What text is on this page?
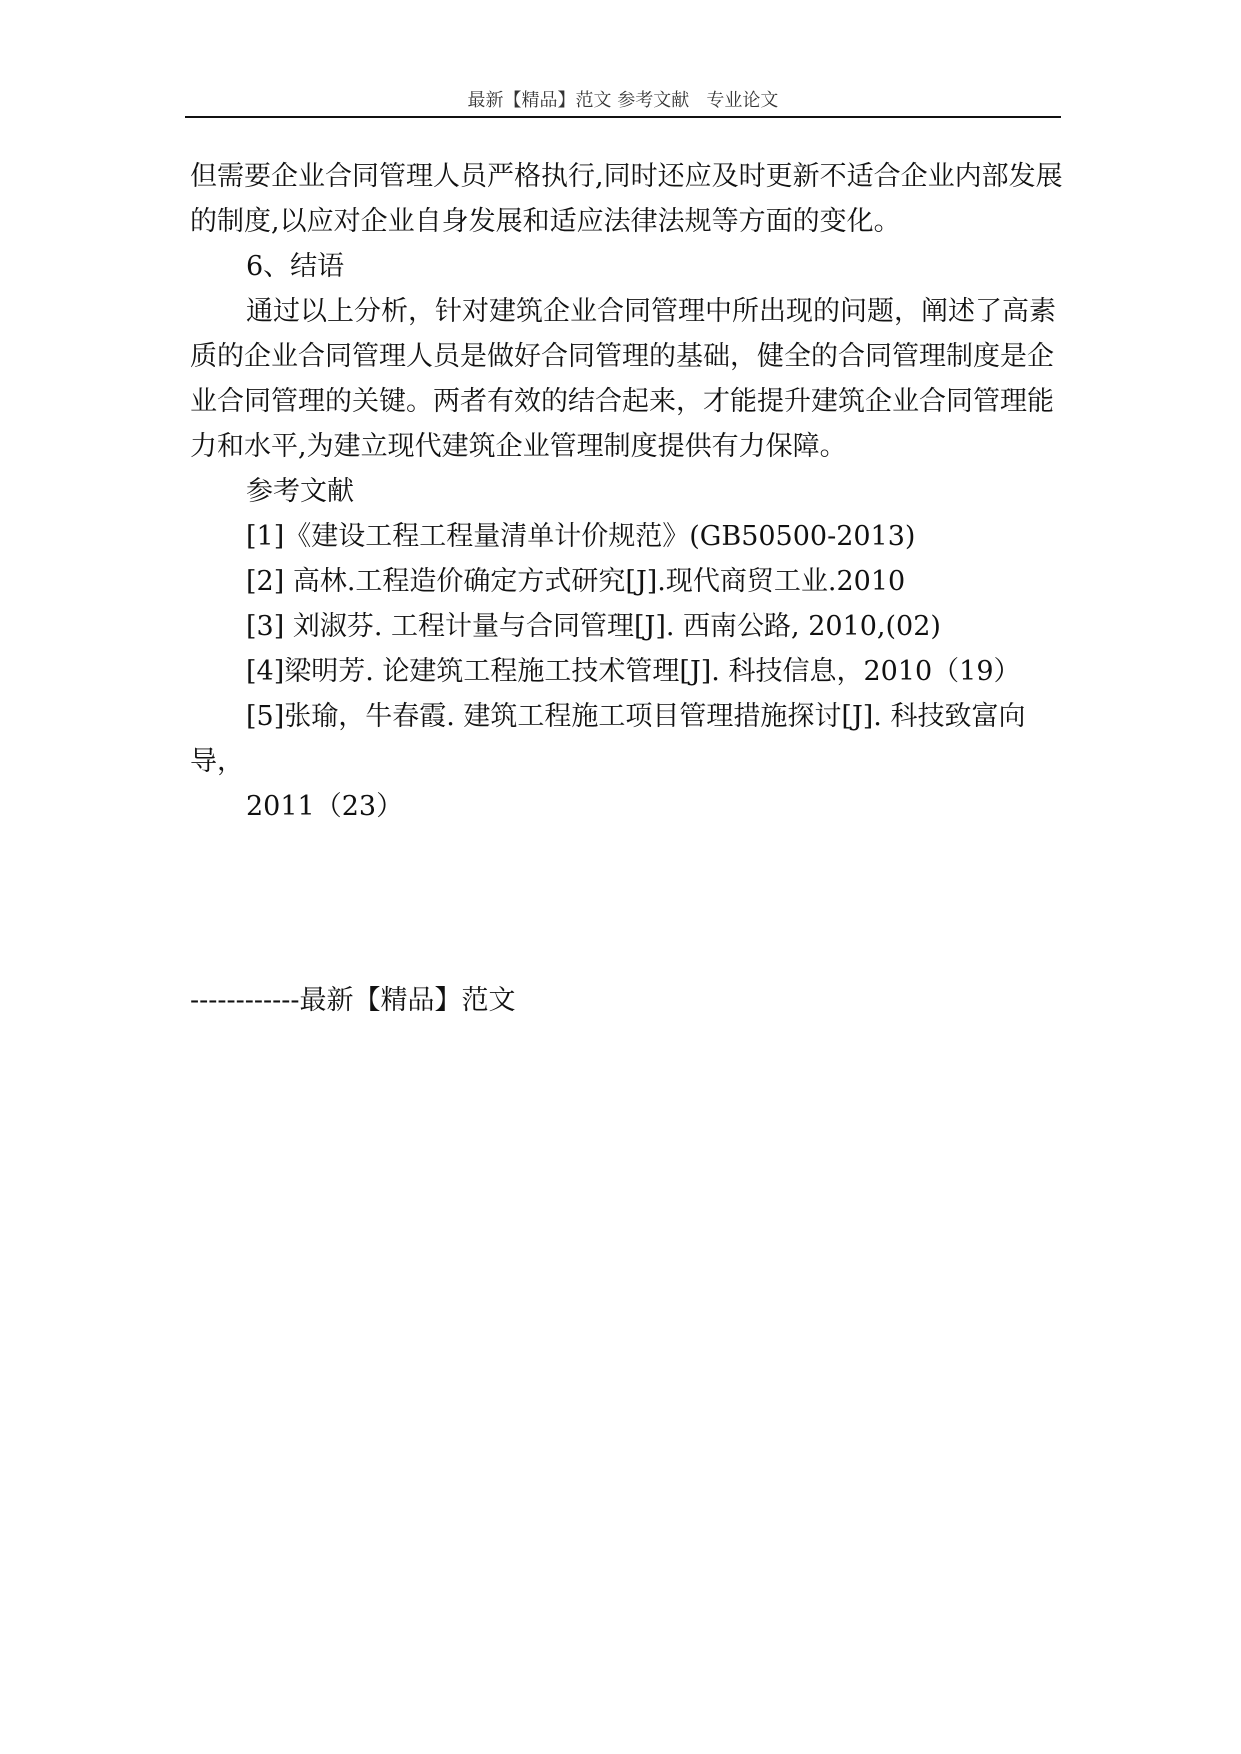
最新【精品】范文 参考文献   专业论文

但需要企业合同管理人员严格执行,同时还应及时更新不适合企业内部发展的制度,以应对企业自身发展和适应法律法规等方面的变化。

6、结语

通过以上分析，针对建筑企业合同管理中所出现的问题，阐述了高素质的企业合同管理人员是做好合同管理的基础，健全的合同管理制度是企业合同管理的关键。两者有效的结合起来，才能提升建筑企业合同管理能力和水平,为建立现代建筑企业管理制度提供有力保障。

参考文献

[1]《建设工程工程量清单计价规范》(GB50500-2013)

[2] 高林.工程造价确定方式研究[J].现代商贸工业.2010

[3] 刘淑芬. 工程计量与合同管理[J]. 西南公路, 2010,(02)

[4]梁明芳. 论建筑工程施工技术管理[J]. 科技信息，2010（19）

[5]张瑜，牛春霞. 建筑工程施工项目管理措施探讨[J]. 科技致富向导，

2011（23）

------------最新【精品】范文
